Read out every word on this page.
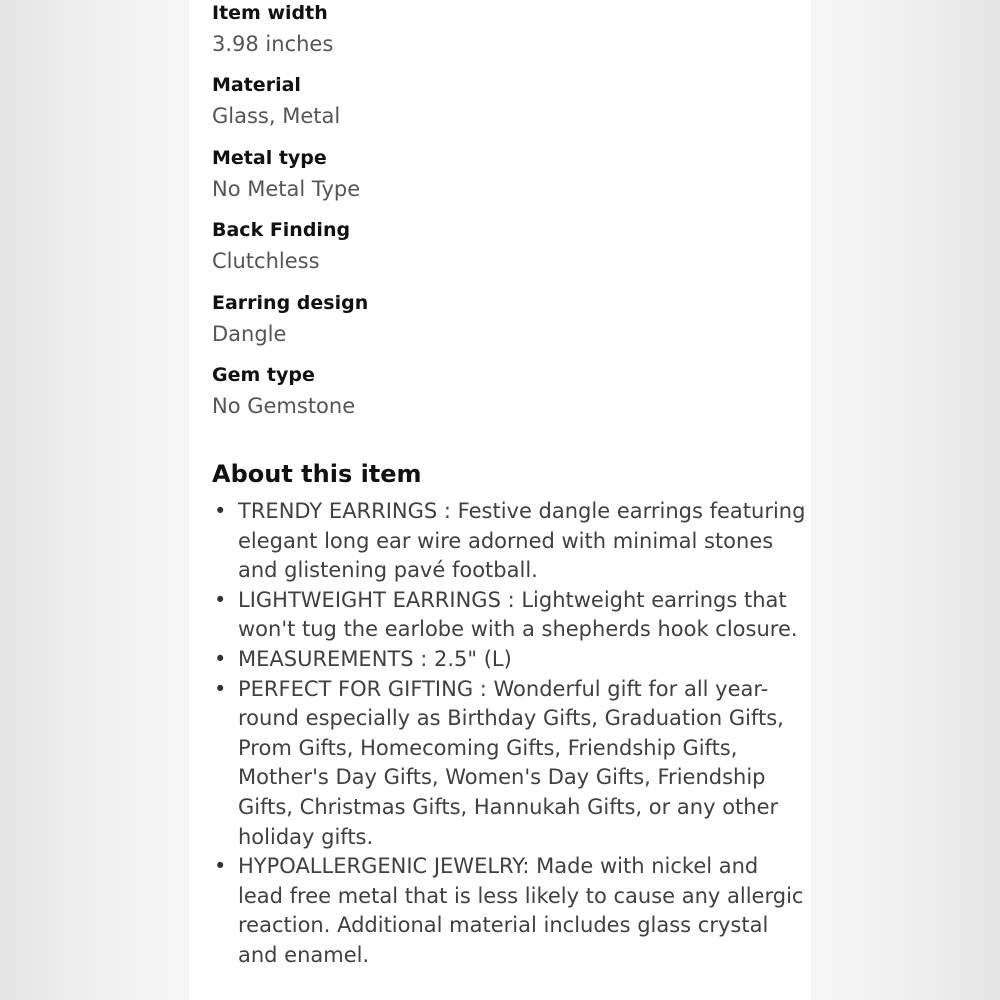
Item width
3.98 inches
Material
Glass, Metal
Metal type
No Metal Type
Back Finding
Clutchless
Earring design
Dangle
Gem type
No Gemstone
About this item
• TRENDY EARRINGS : Festive dangle earrings featuring elegant long ear wire adorned with minimal stones and glistening pavé football.
• LIGHTWEIGHT EARRINGS : Lightweight earrings that won't tug the earlobe with a shepherds hook closure.
• MEASUREMENTS : 2.5" (L)
• PERFECT FOR GIFTING : Wonderful gift for all year-round especially as Birthday Gifts, Graduation Gifts, Prom Gifts, Homecoming Gifts, Friendship Gifts, Mother's Day Gifts, Women's Day Gifts, Friendship Gifts, Christmas Gifts, Hannukah Gifts, or any other holiday gifts.
• HYPOALLERGENIC JEWELRY: Made with nickel and lead free metal that is less likely to cause any allergic reaction. Additional material includes glass crystal and enamel.
